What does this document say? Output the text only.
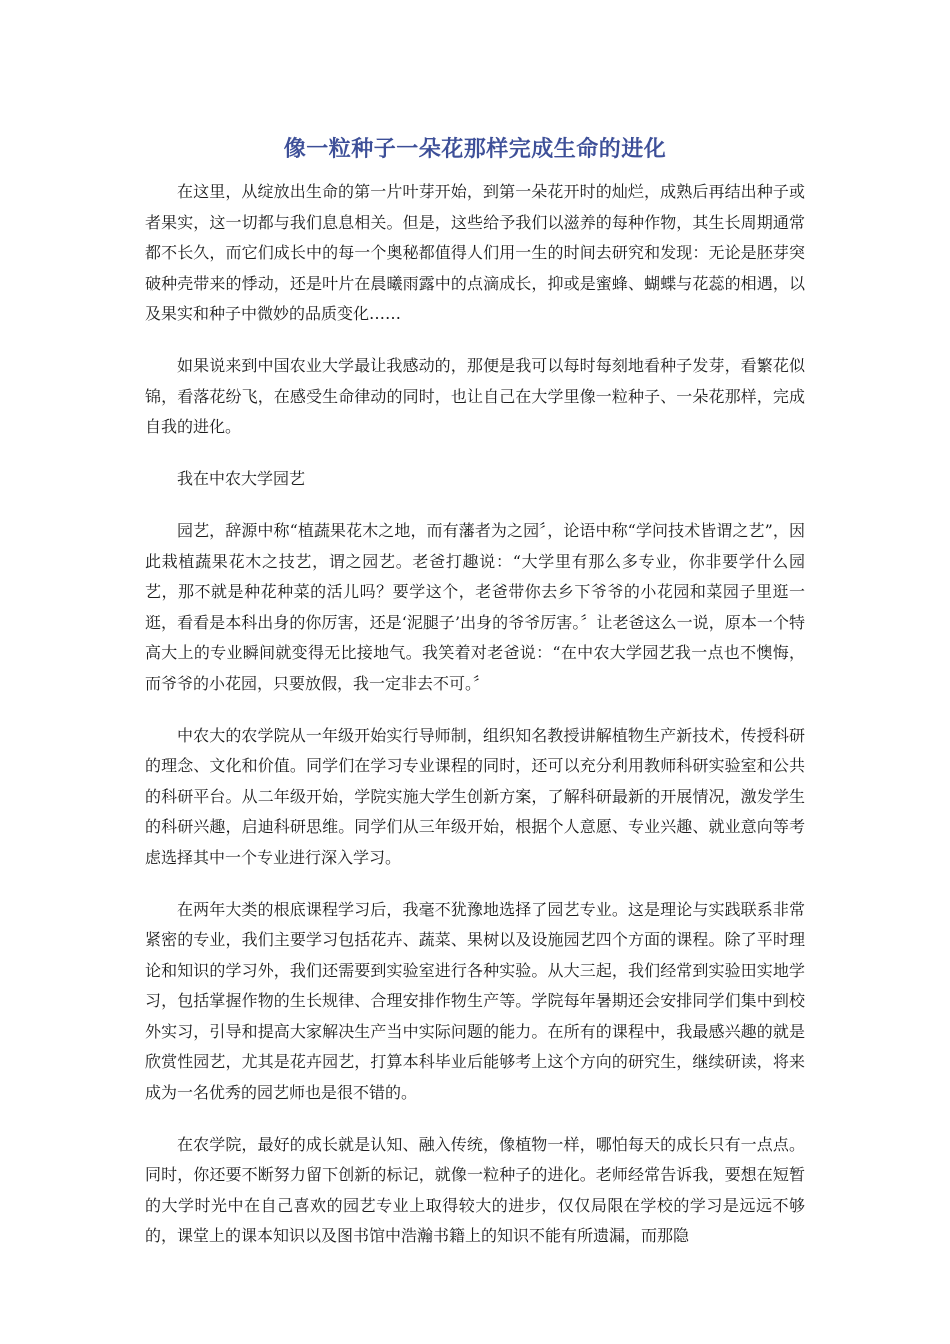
像一粒种子一朵花那样完成生命的进化

在这里，从绽放出生命的第一片叶芽开始，到第一朵花开时的灿烂，成熟后再结出种子或者果实，这一切都与我们息息相关。但是，这些给予我们以滋养的每种作物，其生长周期通常都不长久，而它们成长中的每一个奥秘都值得人们用一生的时间去研究和发现：无论是胚芽突破种壳带来的悸动，还是叶片在晨曦雨露中的点滴成长，抑或是蜜蜂、蝴蝶与花蕊的相遇，以及果实和种子中微妙的品质变化……

如果说来到中国农业大学最让我感动的，那便是我可以每时每刻地看种子发芽，看繁花似锦，看落花纷飞，在感受生命律动的同时，也让自己在大学里像一粒种子、一朵花那样，完成自我的进化。

我在中农大学园艺

园艺，辞源中称“植蔬果花木之地，而有藩者为之园〞，论语中称“学问技术皆谓之艺”，因此栽植蔬果花木之技艺，谓之园艺。老爸打趣说：“大学里有那么多专业，你非要学什么园艺，那不就是种花种菜的活儿吗？要学这个，老爸带你去乡下爷爷的小花园和菜园子里逛一逛，看看是本科出身的你厉害，还是‘泥腿子’出身的爷爷厉害。〞让老爸这么一说，原本一个特高大上的专业瞬间就变得无比接地气。我笑着对老爸说：“在中农大学园艺我一点也不懊悔，而爷爷的小花园，只要放假，我一定非去不可。〞

中农大的农学院从一年级开始实行导师制，组织知名教授讲解植物生产新技术，传授科研的理念、文化和价值。同学们在学习专业课程的同时，还可以充分利用教师科研实验室和公共的科研平台。从二年级开始，学院实施大学生创新方案，了解科研最新的开展情况，激发学生的科研兴趣，启迪科研思维。同学们从三年级开始，根据个人意愿、专业兴趣、就业意向等考虑选择其中一个专业进行深入学习。

在两年大类的根底课程学习后，我毫不犹豫地选择了园艺专业。这是理论与实践联系非常紧密的专业，我们主要学习包括花卉、蔬菜、果树以及设施园艺四个方面的课程。除了平时理论和知识的学习外，我们还需要到实验室进行各种实验。从大三起，我们经常到实验田实地学习，包括掌握作物的生长规律、合理安排作物生产等。学院每年暑期还会安排同学们集中到校外实习，引导和提高大家解决生产当中实际问题的能力。在所有的课程中，我最感兴趣的就是欣赏性园艺，尤其是花卉园艺，打算本科毕业后能够考上这个方向的研究生，继续研读，将来成为一名优秀的园艺师也是很不错的。

在农学院，最好的成长就是认知、融入传统，像植物一样，哪怕每天的成长只有一点点。同时，你还要不断努力留下创新的标记，就像一粒种子的进化。老师经常告诉我，要想在短暂的大学时光中在自己喜欢的园艺专业上取得较大的进步，仅仅局限在学校的学习是远远不够的，课堂上的课本知识以及图书馆中浩瀚书籍上的知识不能有所遗漏，而那隐
